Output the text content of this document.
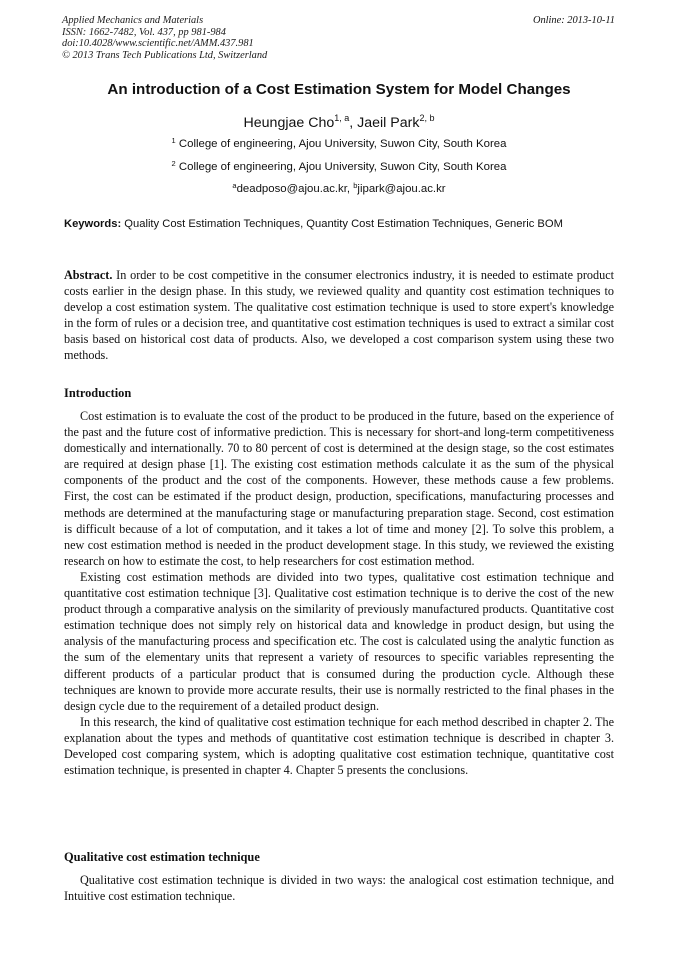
Applied Mechanics and Materials
ISSN: 1662-7482, Vol. 437, pp 981-984
doi:10.4028/www.scientific.net/AMM.437.981
© 2013 Trans Tech Publications Ltd, Switzerland
Online: 2013-10-11
An introduction of a Cost Estimation System for Model Changes
Heungjae Cho$^{1, a}$, Jaeil Park$^{2, b}$
$^1$ College of engineering, Ajou University, Suwon City, South Korea
$^2$ College of engineering, Ajou University, Suwon City, South Korea
$^a$deadposo@ajou.ac.kr, $^b$jipark@ajou.ac.kr
Keywords: Quality Cost Estimation Techniques, Quantity Cost Estimation Techniques, Generic BOM

Abstract. In order to be cost competitive in the consumer electronics industry, it is needed to estimate product costs earlier in the design phase. In this study, we reviewed quality and quantity cost estimation techniques to develop a cost estimation system. The qualitative cost estimation technique is used to store expert's knowledge in the form of rules or a decision tree, and quantitative cost estimation techniques is used to extract a similar cost basis based on historical cost data of products. Also, we developed a cost comparison system using these two methods.

Introduction

Cost estimation is to evaluate the cost of the product to be produced in the future, based on the experience of the past and the future cost of informative prediction. This is necessary for short-and long-term competitiveness domestically and internationally. 70 to 80 percent of cost is determined at the design stage, so the cost estimates are required at design phase [1]. The existing cost estimation methods calculate it as the sum of the physical components of the product and the cost of the components. However, these methods cause a few problems. First, the cost can be estimated if the product design, production, specifications, manufacturing processes and methods are determined at the manufacturing stage or manufacturing preparation stage. Second, cost estimation is difficult because of a lot of computation, and it takes a lot of time and money [2]. To solve this problem, a new cost estimation method is needed in the product development stage. In this study, we reviewed the existing research on how to estimate the cost, to help researchers for cost estimation method.

Existing cost estimation methods are divided into two types, qualitative cost estimation technique and quantitative cost estimation technique [3]. Qualitative cost estimation technique is to derive the cost of the new product through a comparative analysis on the similarity of previously manufactured products. Quantitative cost estimation technique does not simply rely on historical data and knowledge in product design, but using the analysis of the manufacturing process and specification etc. The cost is calculated using the analytic function as the sum of the elementary units that represent a variety of resources to specific variables representing the different products of a particular product that is consumed during the production cycle. Although these techniques are known to provide more accurate results, their use is normally restricted to the final phases in the design cycle due to the requirement of a detailed product design.

In this research, the kind of qualitative cost estimation technique for each method described in chapter 2. The explanation about the types and methods of quantitative cost estimation technique is described in chapter 3. Developed cost comparing system, which is adopting qualitative cost estimation technique, quantitative cost estimation technique, is presented in chapter 4. Chapter 5 presents the conclusions.

Qualitative cost estimation technique

Qualitative cost estimation technique is divided in two ways: the analogical cost estimation technique, and Intuitive cost estimation technique.
